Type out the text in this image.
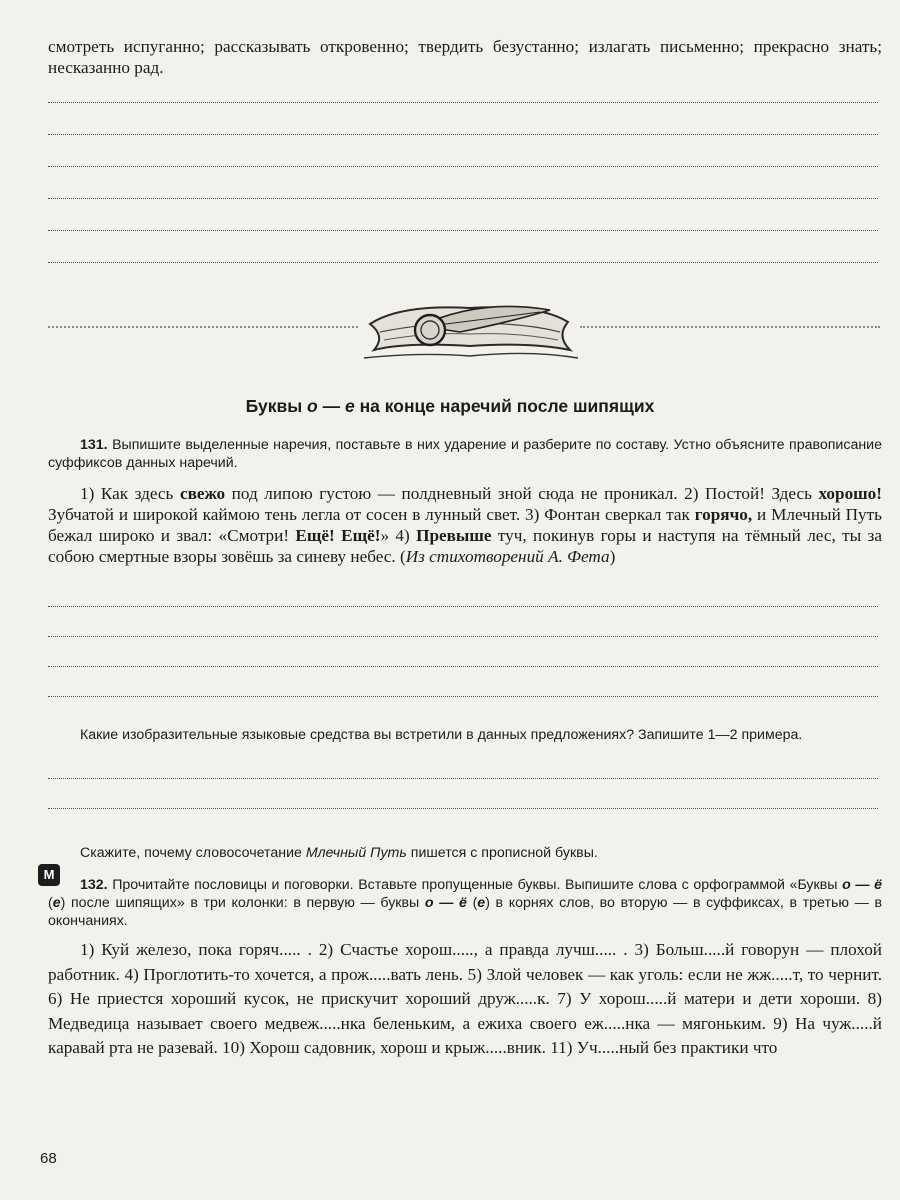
смотреть испуганно; рассказывать откровенно; твердить безустанно; излагать письменно; прекрасно знать; несказанно рад.
Буквы о — е на конце наречий после шипящих
131. Выпишите выделенные наречия, поставьте в них ударение и разберите по составу. Устно объясните правописание суффиксов данных наречий.
1) Как здесь свежо под липою густою — полдневный зной сюда не проникал. 2) Постой! Здесь хорошо! Зубчатой и широкой каймою тень легла от сосен в лунный свет. 3) Фонтан сверкал так горячо, и Млечный Путь бежал широко и звал: «Смотри! Ещё! Ещё!» 4) Превыше туч, покинув горы и наступя на тёмный лес, ты за собою смертные взоры зовёшь за синеву небес. (Из стихотворений А. Фета)
Какие изобразительные языковые средства вы встретили в данных предложениях? Запишите 1—2 примера.
Скажите, почему словосочетание Млечный Путь пишется с прописной буквы.
М
132. Прочитайте пословицы и поговорки. Вставьте пропущенные буквы. Выпишите слова с орфограммой «Буквы о — ё (е) после шипящих» в три колонки: в первую — буквы о — ё (е) в корнях слов, во вторую — в суффиксах, в третью — в окончаниях.
1) Куй железо, пока горяч..... . 2) Счастье хорош....., а правда лучш..... . 3) Больш.....й говорун — плохой работник. 4) Проглотить-то хочется, а прож.....вать лень. 5) Злой человек — как уголь: если не жж.....т, то чернит. 6) Не приестся хороший кусок, не прискучит хороший друж.....к. 7) У хорош.....й матери и дети хороши. 8) Медведица называет своего медвеж.....нка беленьким, а ежиха своего еж.....нка — мягоньким. 9) На чуж.....й каравай рта не разевай. 10) Хорош садовник, хорош и крыж.....вник. 11) Уч.....ный без практики что
68
